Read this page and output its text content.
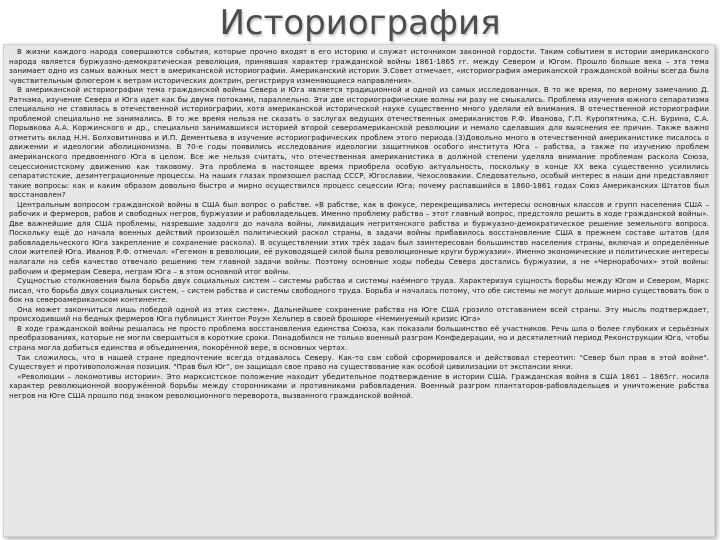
Историография

В жизни каждого народа совершаются события, которые прочно входят в его историю и служат источником законной гордости. Таким событием в истории американского народа является буржуазно-демократическая революция, принявшая характер гражданской войны 1861-1865 гг. между Севером и Югом. Прошло больше века – эта тема занимает одно из самых важных мест в американской историографии. Американский историк Э.Совет отмечает, «историография американской гражданской войны всегда была чувствительным флюгером к ветрам исторических доктрин, регистрируя изменяющиеся направления».

В американской историографии тема гражданской войны Севера и Юга является традиционной и одной из самых исследованных. В то же время, по верному замечанию Д. Ратнама, изучение Севера и Юга идет как бы двумя потоками, параллельно. Эти две историографические волны ни разу не смыкались. Проблема изучения южного сепаратизма специально не ставилась в отечественной историографии, хотя американской исторической науке существенно много уделяли ей внимания. В отечественной историографии проблемой специально не занимались. В то же время нельзя не сказать о заслугах ведущих отечественных американистов Р.Ф. Иванова, Г.П. Куропятника, С.Н. Бурина, С.А. Порывкова А.А. Коржинского и др., специально занимавшихся историей второй североамериканской революции и немало сделавших для выяснения ее причин. Также важно отметить вклад Н.Н. Болховитинова и И.П. Дементьева в изучение историографических проблем этого периода.(3)Довольно много в отечественной американистике писалось о движении и идеологии аболиционизма. В 70-е годы появились исследования идеологии защитников особого института Юга – рабства, а также по изучению проблем американского предвоенного Юга в целом. Все же нельзя считать, что отечественная американистика в должной степени уделяла внимание проблемам раскола Союза, сецессионистскому движению как таковому. Эта проблема в настоящее время приобрела особую актуальность, поскольку в конце XX века существенно усилились сепаратистские, дезинтеграционные процессы. На наших глазах произошел распад СССР, Югославии, Чехословакии. Следовательно, особый интерес в наши дни представляют такие вопросы: как и каким образом довольно быстро и мирно осуществился процесс сецессии Юга; почему распавшийся в 1860-1861 годах Союз Американских Штатов был восстановлен?

Центральным вопросом гражданской войны в США был вопрос о рабстве. «В рабстве, как в фокусе, перекрещивались интересы основных классов и групп населения США – рабочих и фермеров, рабов и свободных негров, буржуазии и рабовладельцев. Именно проблему рабства – этот главный вопрос, предстояло решить в ходе гражданской войны». Две важнейшие для США проблемы, назревшие задолго до начала войны, ликвидация негритянского рабства и буржуазно-демократическое решение земельного вопроса. Поскольку ещё до начала военных действий произошёл политический раскол страны, в задачи войны прибавилось восстановление США в прежнем составе штатов (для рабовладельческого Юга закрепление и сохранение раскола). В осуществлении этих трёх задач был заинтересован большинство населения страны, включая и определённые слои жителей Юга. Иванов Р.Ф. отмечал: «Гегемон в революции, её руководящей силой была революционные круги буржуазии». Именно экономические и политические интересы налагали на себя качество отвечало решению тем главной задачи войны. Поэтому основные ходы победы Севера достались буржуазии, а не «Чернорабочих» этой войны: рабочим и фермерам Севера, неграм Юга – в этом основной итог войны.

Сущностью столкновения была борьба двух социальных систем – системы рабства и системы наёмного труда. Характеризуя сущность борьбы между Югом и Севером, Маркс писал, что борьба двух социальных систем, – систем рабства и системы свободного труда. Борьба и началась потому, что обе системы не могут дольше мирно существовать бок о бок на североамериканском континенте.

Она может закончиться лишь победой одной из этих систем». Дальнейшее сохранение рабства на Юге США грозило отставанием всей страны. Эту мысль подтверждает, происходивший на бедных фермеров Юга публицист Хинтон Роуэн Хельпер в своей брошюре «Неминуемый кризис Юга»

В ходе гражданской войны решалась не просто проблема восстановления единства Союза, как показали большинство её участников. Речь шла о более глубоких и серьёзных преобразованиях, которые не могли свершиться в короткие сроки. Понадобился не только военный разгром Конфедерации, но и десятилетний период Реконструкции Юга, чтобы страна могла добиться единства и объединения, покорённой вере, в основных чертах.

Так сложилось, что в нашей стране предпочтение всегда отдавалось Северу. Как-то сам собой сформировался и действовал стереотип: "Север был прав в этой войне". Существует и противоположная позиция. "Прав был Юг", он защищал свое право на существование как особой цивилизации от экспансии янки.

«Революции – локомотивы истории». Это марксистское положение находит убедительное подтверждение в истории США. Гражданская война в США 1861 – 1865гг. носила характер революционной вооружённой борьбы между сторонниками и противниками рабовладения. Военный разгром плантаторов-рабовладельцев и уничтожение рабства негров на Юге США прошло под знаком революционного переворота, вызванного гражданской войной.
